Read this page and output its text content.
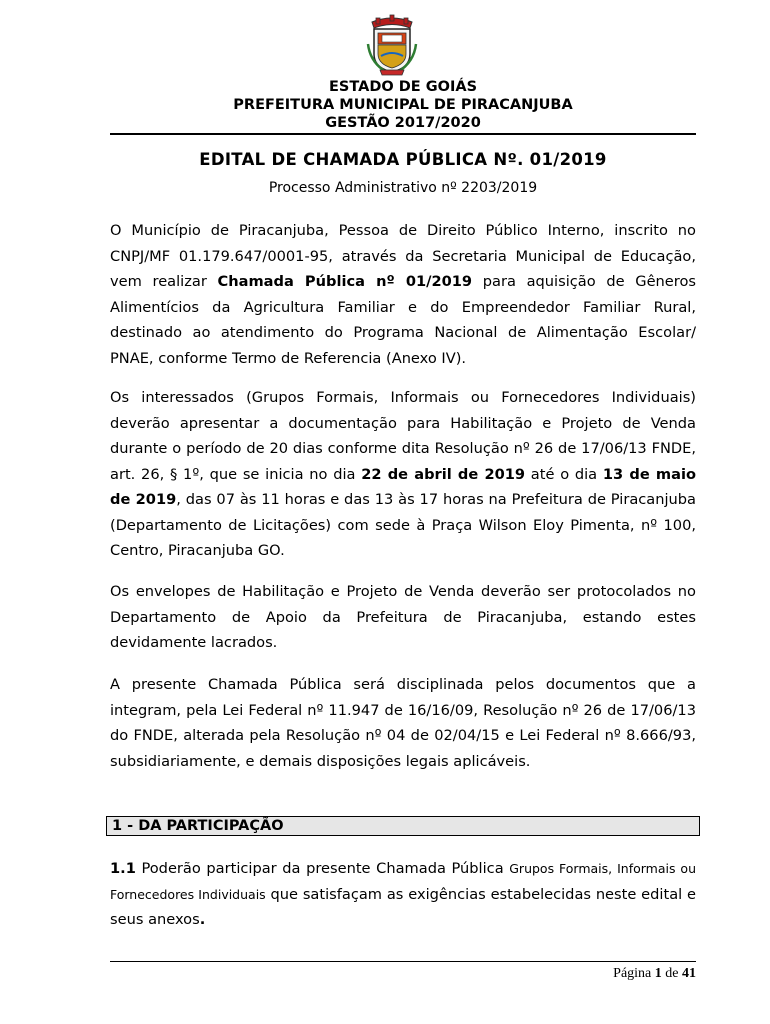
ESTADO DE GOIÁS
PREFEITURA MUNICIPAL DE PIRACANJUBA
GESTÃO 2017/2020
EDITAL DE CHAMADA PÚBLICA Nº. 01/2019
Processo Administrativo nº 2203/2019
O Município de Piracanjuba, Pessoa de Direito Público Interno, inscrito no CNPJ/MF 01.179.647/0001-95, através da Secretaria Municipal de Educação, vem realizar Chamada Pública nº 01/2019 para aquisição de Gêneros Alimentícios da Agricultura Familiar e do Empreendedor Familiar Rural, destinado ao atendimento do Programa Nacional de Alimentação Escolar/ PNAE, conforme Termo de Referencia (Anexo IV).
Os interessados (Grupos Formais, Informais ou Fornecedores Individuais) deverão apresentar a documentação para Habilitação e Projeto de Venda durante o período de 20 dias conforme dita Resolução nº 26 de 17/06/13 FNDE, art. 26, § 1º, que se inicia no dia 22 de abril de 2019 até o dia 13 de maio de 2019, das 07 às 11 horas e das 13 às 17 horas na Prefeitura de Piracanjuba (Departamento de Licitações) com sede à Praça Wilson Eloy Pimenta, nº 100, Centro, Piracanjuba GO.
Os envelopes de Habilitação e Projeto de Venda deverão ser protocolados no Departamento de Apoio da Prefeitura de Piracanjuba, estando estes devidamente lacrados.
A presente Chamada Pública será disciplinada pelos documentos que a integram, pela Lei Federal nº 11.947 de 16/16/09, Resolução nº 26 de 17/06/13 do FNDE, alterada pela Resolução nº 04 de 02/04/15 e Lei Federal nº 8.666/93, subsidiariamente, e demais disposições legais aplicáveis.
1 - DA PARTICIPAÇÃO
1.1 Poderão participar da presente Chamada Pública Grupos Formais, Informais ou Fornecedores Individuais que satisfaçam as exigências estabelecidas neste edital e seus anexos.
Página 1 de 41
